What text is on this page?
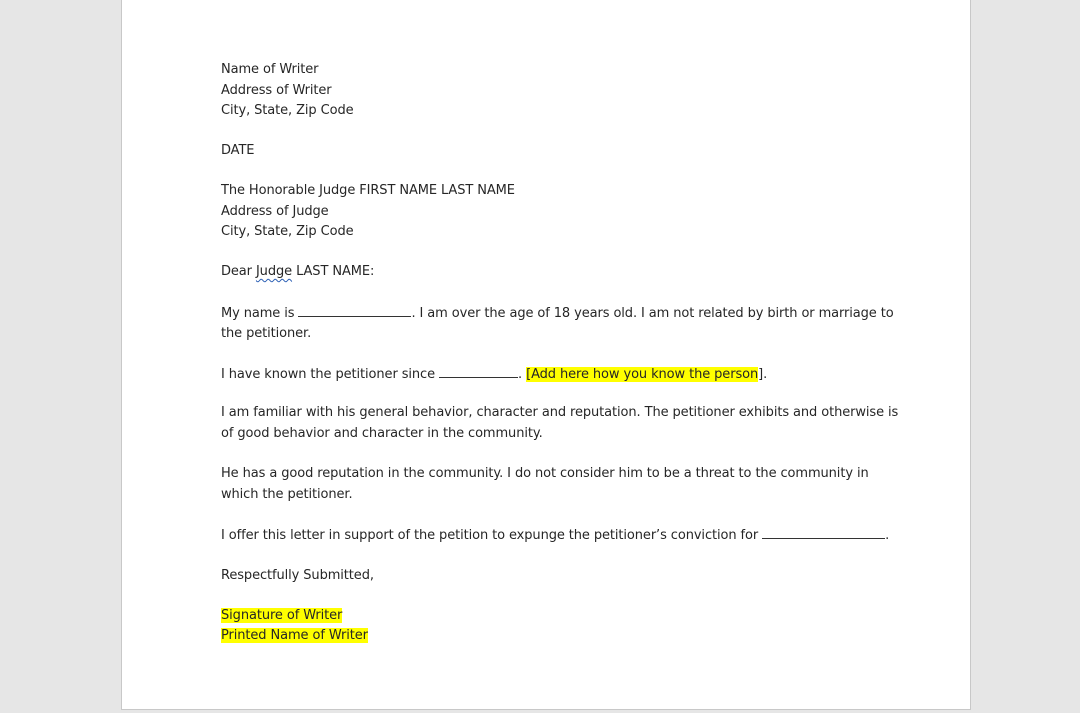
Name of Writer
Address of Writer
City, State, Zip Code
DATE
The Honorable Judge FIRST NAME LAST NAME
Address of Judge
City, State, Zip Code
Dear Judge LAST NAME:
My name is	. I am over the age of 18 years old. I am not related by birth or marriage to
the petitioner.
I have known the petitioner since	. [Add here how you know the person].
I am familiar with his general behavior, character and reputation. The petitioner exhibits and otherwise is
of good behavior and character in the community.
He has a good reputation in the community. I do not consider him to be a threat to the community in
which the petitioner.
I offer this letter in support of the petition to expunge the petitioner’s conviction for	.
Respectfully Submitted,
Signature of Writer
Printed Name of Writer
